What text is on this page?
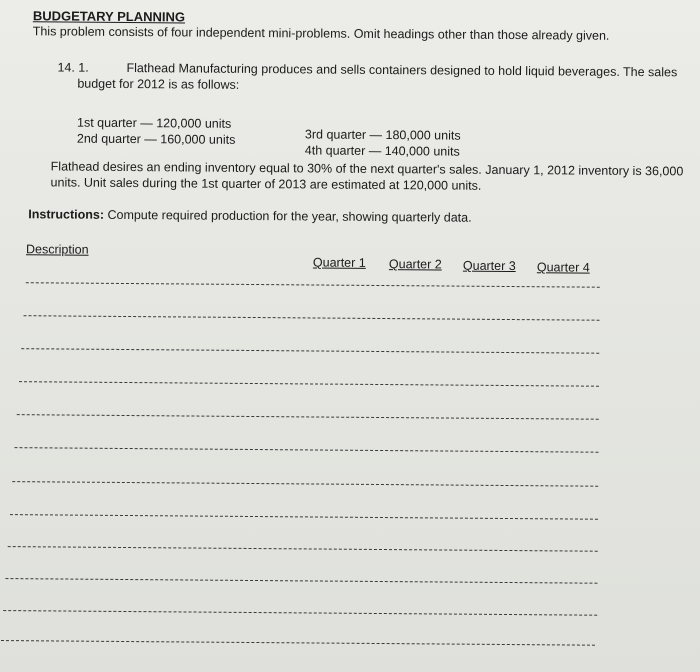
BUDGETARY PLANNING
This problem consists of four independent mini-problems. Omit headings other than those already given.
14. 1.	Flathead Manufacturing produces and sells containers designed to hold liquid beverages. The sales
budget for 2012 is as follows:
1st quarter — 120,000 units
2nd quarter — 160,000 units	3rd quarter — 180,000 units
4th quarter — 140,000 units
Flathead desires an ending inventory equal to 30% of the next quarter's sales. January 1, 2012 inventory is 36,000
units. Unit sales during the 1st quarter of 2013 are estimated at 120,000 units.
Instructions: Compute required production for the year, showing quarterly data.
Description
Quarter 1 Quarter 2 Quarter 3 Quarter 4
